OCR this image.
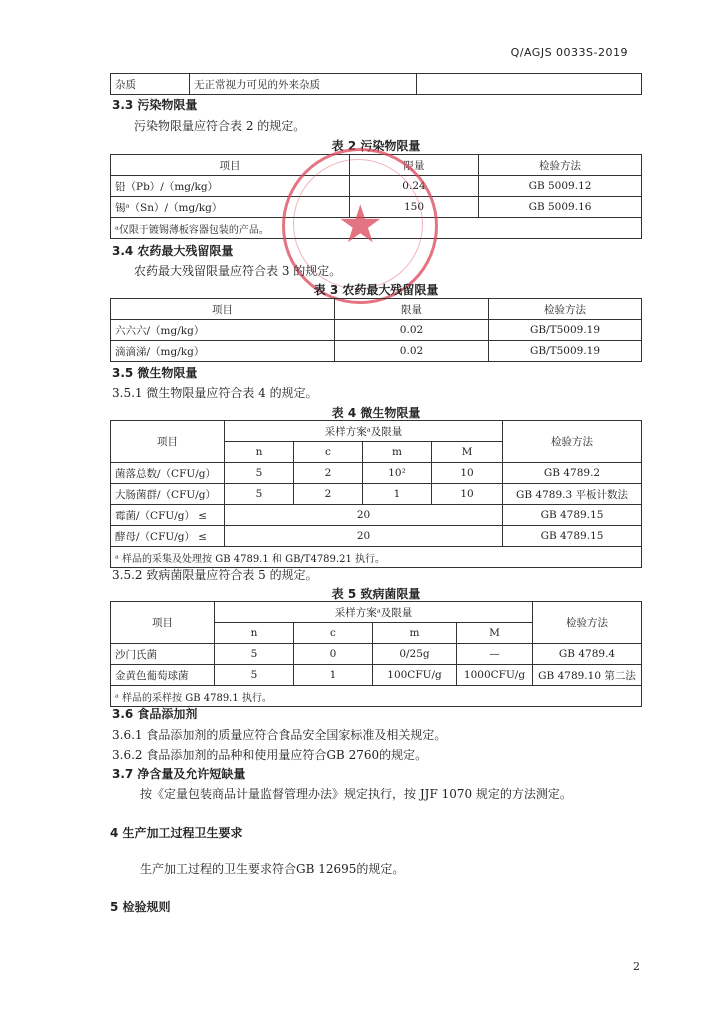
Q/AGJS 0033S-2019
杂质	无正常视力可见的外来杂质	
3.3 污染物限量
污染物限量应符合表 2 的规定。
表 2 污染物限量
项目	限量	检验方法
铅（Pb）/（mg/kg）	0.24	GB 5009.12
锡ᵃ（Sn）/（mg/kg）	150	GB 5009.16
ᵃ仅限于镀锡薄板容器包装的产品。		★
3.4 农药最大残留限量
农药最大残留限量应符合表 3 的规定。
表 3 农药最大残留限量
项目	限量	检验方法
六六六/（mg/kg）	0.02	GB/T5009.19
滴滴涕/（mg/kg）	0.02	GB/T5009.19
3.5 微生物限量
3.5.1 微生物限量应符合表 4 的规定。
表 4 微生物限量
项目	采样方案ᵃ及限量				检验方法
	n	c	m	M	
菌落总数/（CFU/g）	5	2	10²	10	GB 4789.2
大肠菌群/（CFU/g）	5	2	1	10	GB 4789.3 平板计数法
霉菌/（CFU/g） ≤	20				GB 4789.15
酵母/（CFU/g） ≤	20				GB 4789.15
ᵃ 样品的采集及处理按 GB 4789.1 和 GB/T4789.21 执行。					
3.5.2 致病菌限量应符合表 5 的规定。
表 5 致病菌限量
项目	采样方案ᵃ及限量				检验方法
	n	c	m	M	
沙门氏菌	5	0	0/25g	—	GB 4789.4
金黄色葡萄球菌	5	1	100CFU/g	1000CFU/g	GB 4789.10 第二法
ᵃ 样品的采样按 GB 4789.1 执行。					
3.6 食品添加剂
3.6.1 食品添加剂的质量应符合食品安全国家标准及相关规定。
3.6.2 食品添加剂的品种和使用量应符合GB 2760的规定。
3.7 净含量及允许短缺量
按《定量包装商品计量监督管理办法》规定执行，按 JJF 1070 规定的方法测定。
4 生产加工过程卫生要求
生产加工过程的卫生要求符合GB 12695的规定。
5 检验规则
2
